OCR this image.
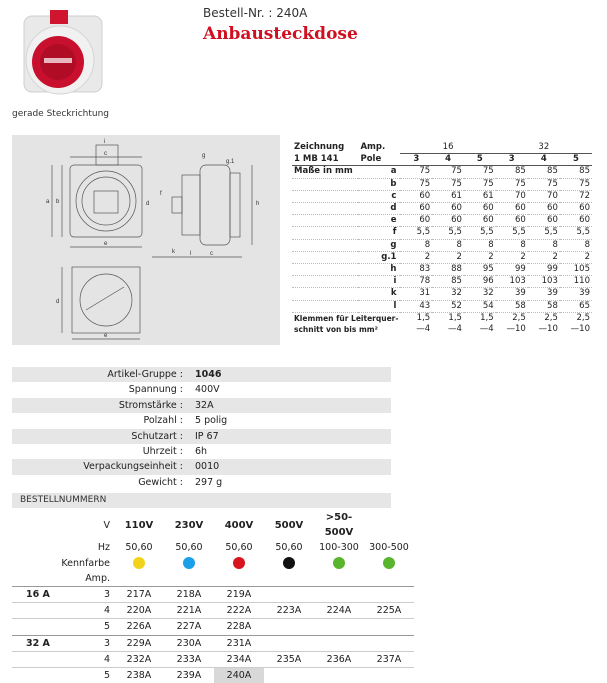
Bestell-Nr. : 240A
Anbausteckdose
gerade Steckrichtung
i
c
a b	d
e
g
f
k	l	c
h
g.1
d
e
Zeichnung	Amp.	16			32		
1 MB 141	Pole	3	4	5	3	4	5
Maße in mm	a	75	75	75	85	85	85
	b	75	75	75	75	75	75
	c	60	61	61	70	70	72
	d	60	60	60	60	60	60
	e	60	60	60	60	60	60
	f	5,5	5,5	5,5	5,5	5,5	5,5
	g	8	8	8	8	8	8
	g.1	2	2	2	2	2	2
	h	83	88	95	99	99	105
	i	78	85	96	103	103	110
	k	31	32	32	39	39	39
	l	43	52	54	58	58	65
Klemmen für Leiterquer-		1,5	1,5	1,5	2,5	2,5	2,5
schnitt von bis mm²		—4	—4	—4	—10	—10	—10
Artikel-Gruppe :	1046
Spannung :	400V
Stromstärke :	32A
Polzahl :	5 polig
Schutzart :	IP 67
Uhrzeit :	6h
Verpackungseinheit :	0010
Gewicht :	297 g
BESTELLNUMMERN
	V	110V	230V	400V	500V	>50-500V	
	Hz	50,60	50,60	50,60	50,60	100-300	300-500
Kennfarbe							
Amp.							
16 A	3	217A	218A	219A			
	4	220A	221A	222A	223A	224A	225A
	5	226A	227A	228A			
32 A	3	229A	230A	231A			
	4	232A	233A	234A	235A	236A	237A
	5	238A	239A	240A			
